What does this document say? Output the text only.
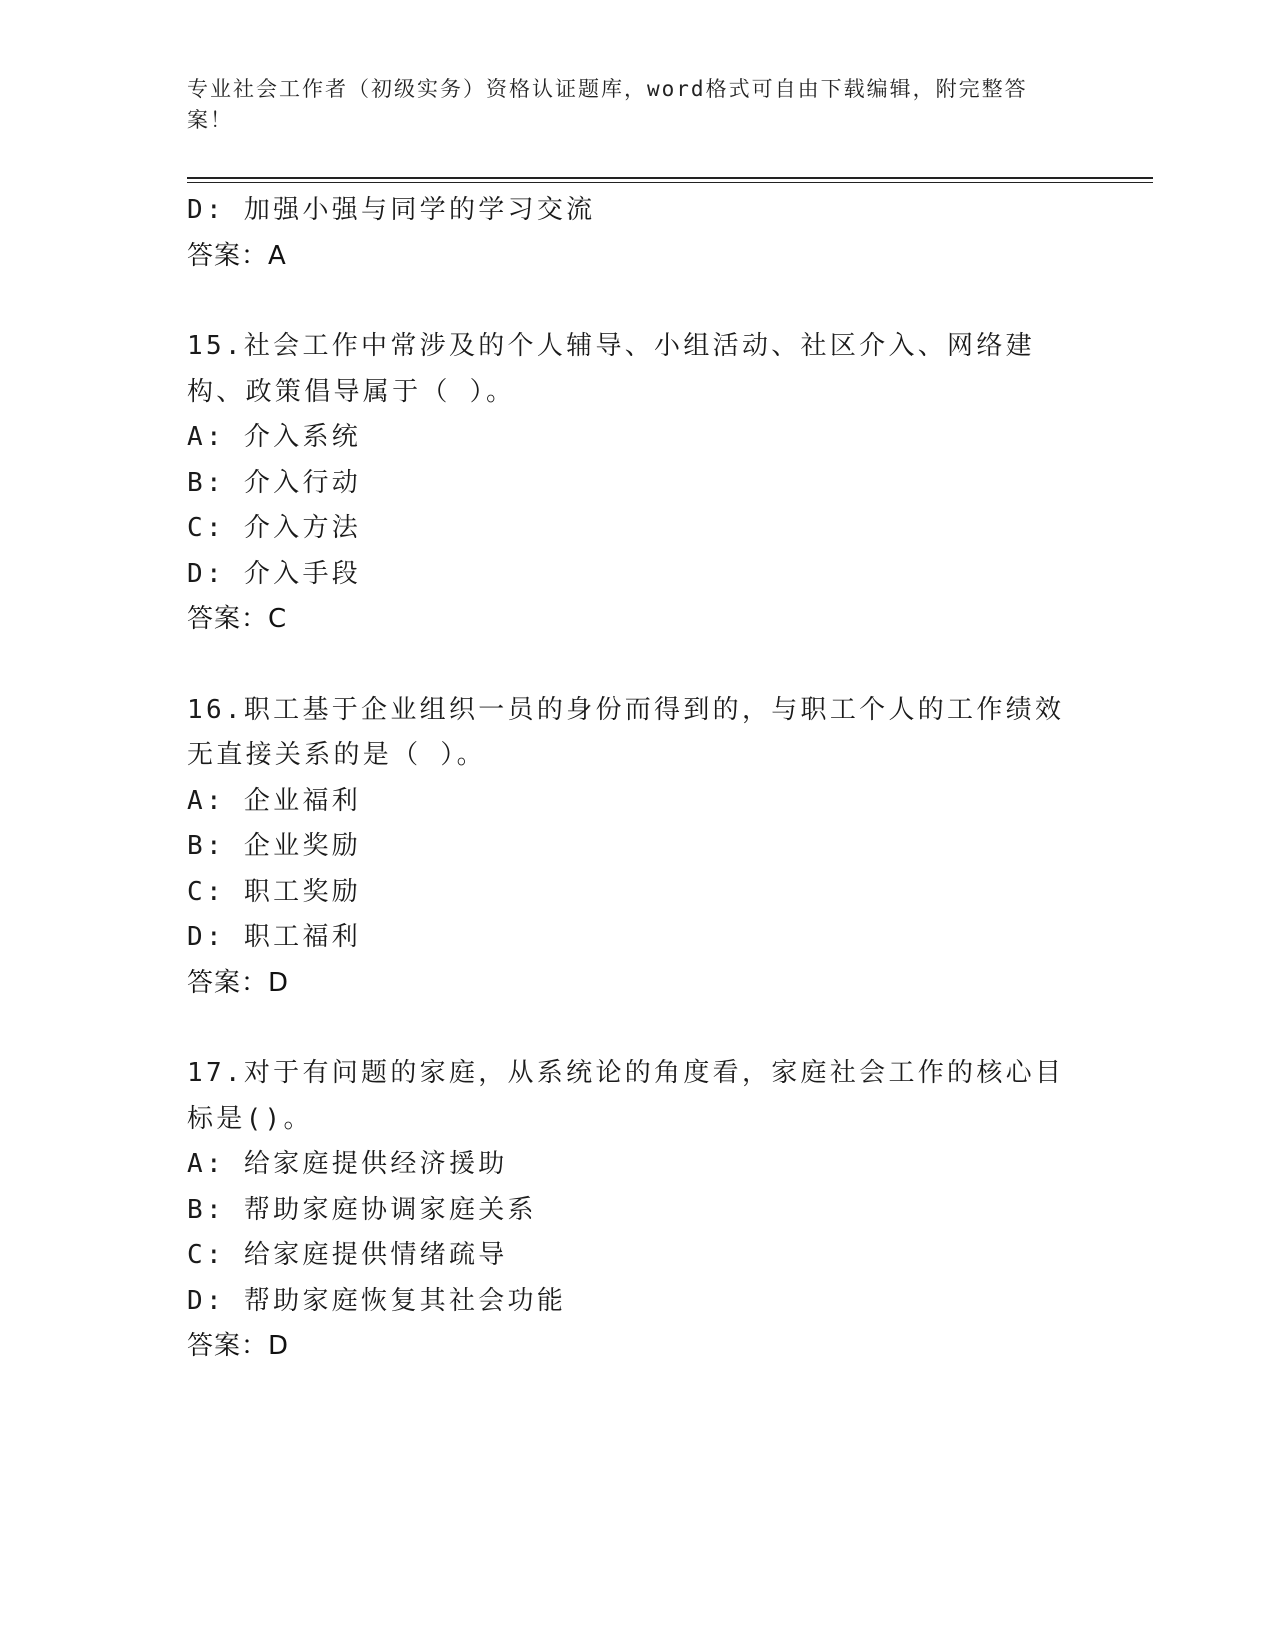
专业社会工作者（初级实务）资格认证题库，word格式可自由下载编辑，附完整答案！
D: 加强小强与同学的学习交流
答案：A
15.社会工作中常涉及的个人辅导、小组活动、社区介入、网络建构、政策倡导属于（ ）。
A: 介入系统
B: 介入行动
C: 介入方法
D: 介入手段
答案：C
16.职工基于企业组织一员的身份而得到的，与职工个人的工作绩效无直接关系的是（ ）。
A: 企业福利
B: 企业奖励
C: 职工奖励
D: 职工福利
答案：D
17.对于有问题的家庭，从系统论的角度看，家庭社会工作的核心目标是()。
A: 给家庭提供经济援助
B: 帮助家庭协调家庭关系
C: 给家庭提供情绪疏导
D: 帮助家庭恢复其社会功能
答案：D
